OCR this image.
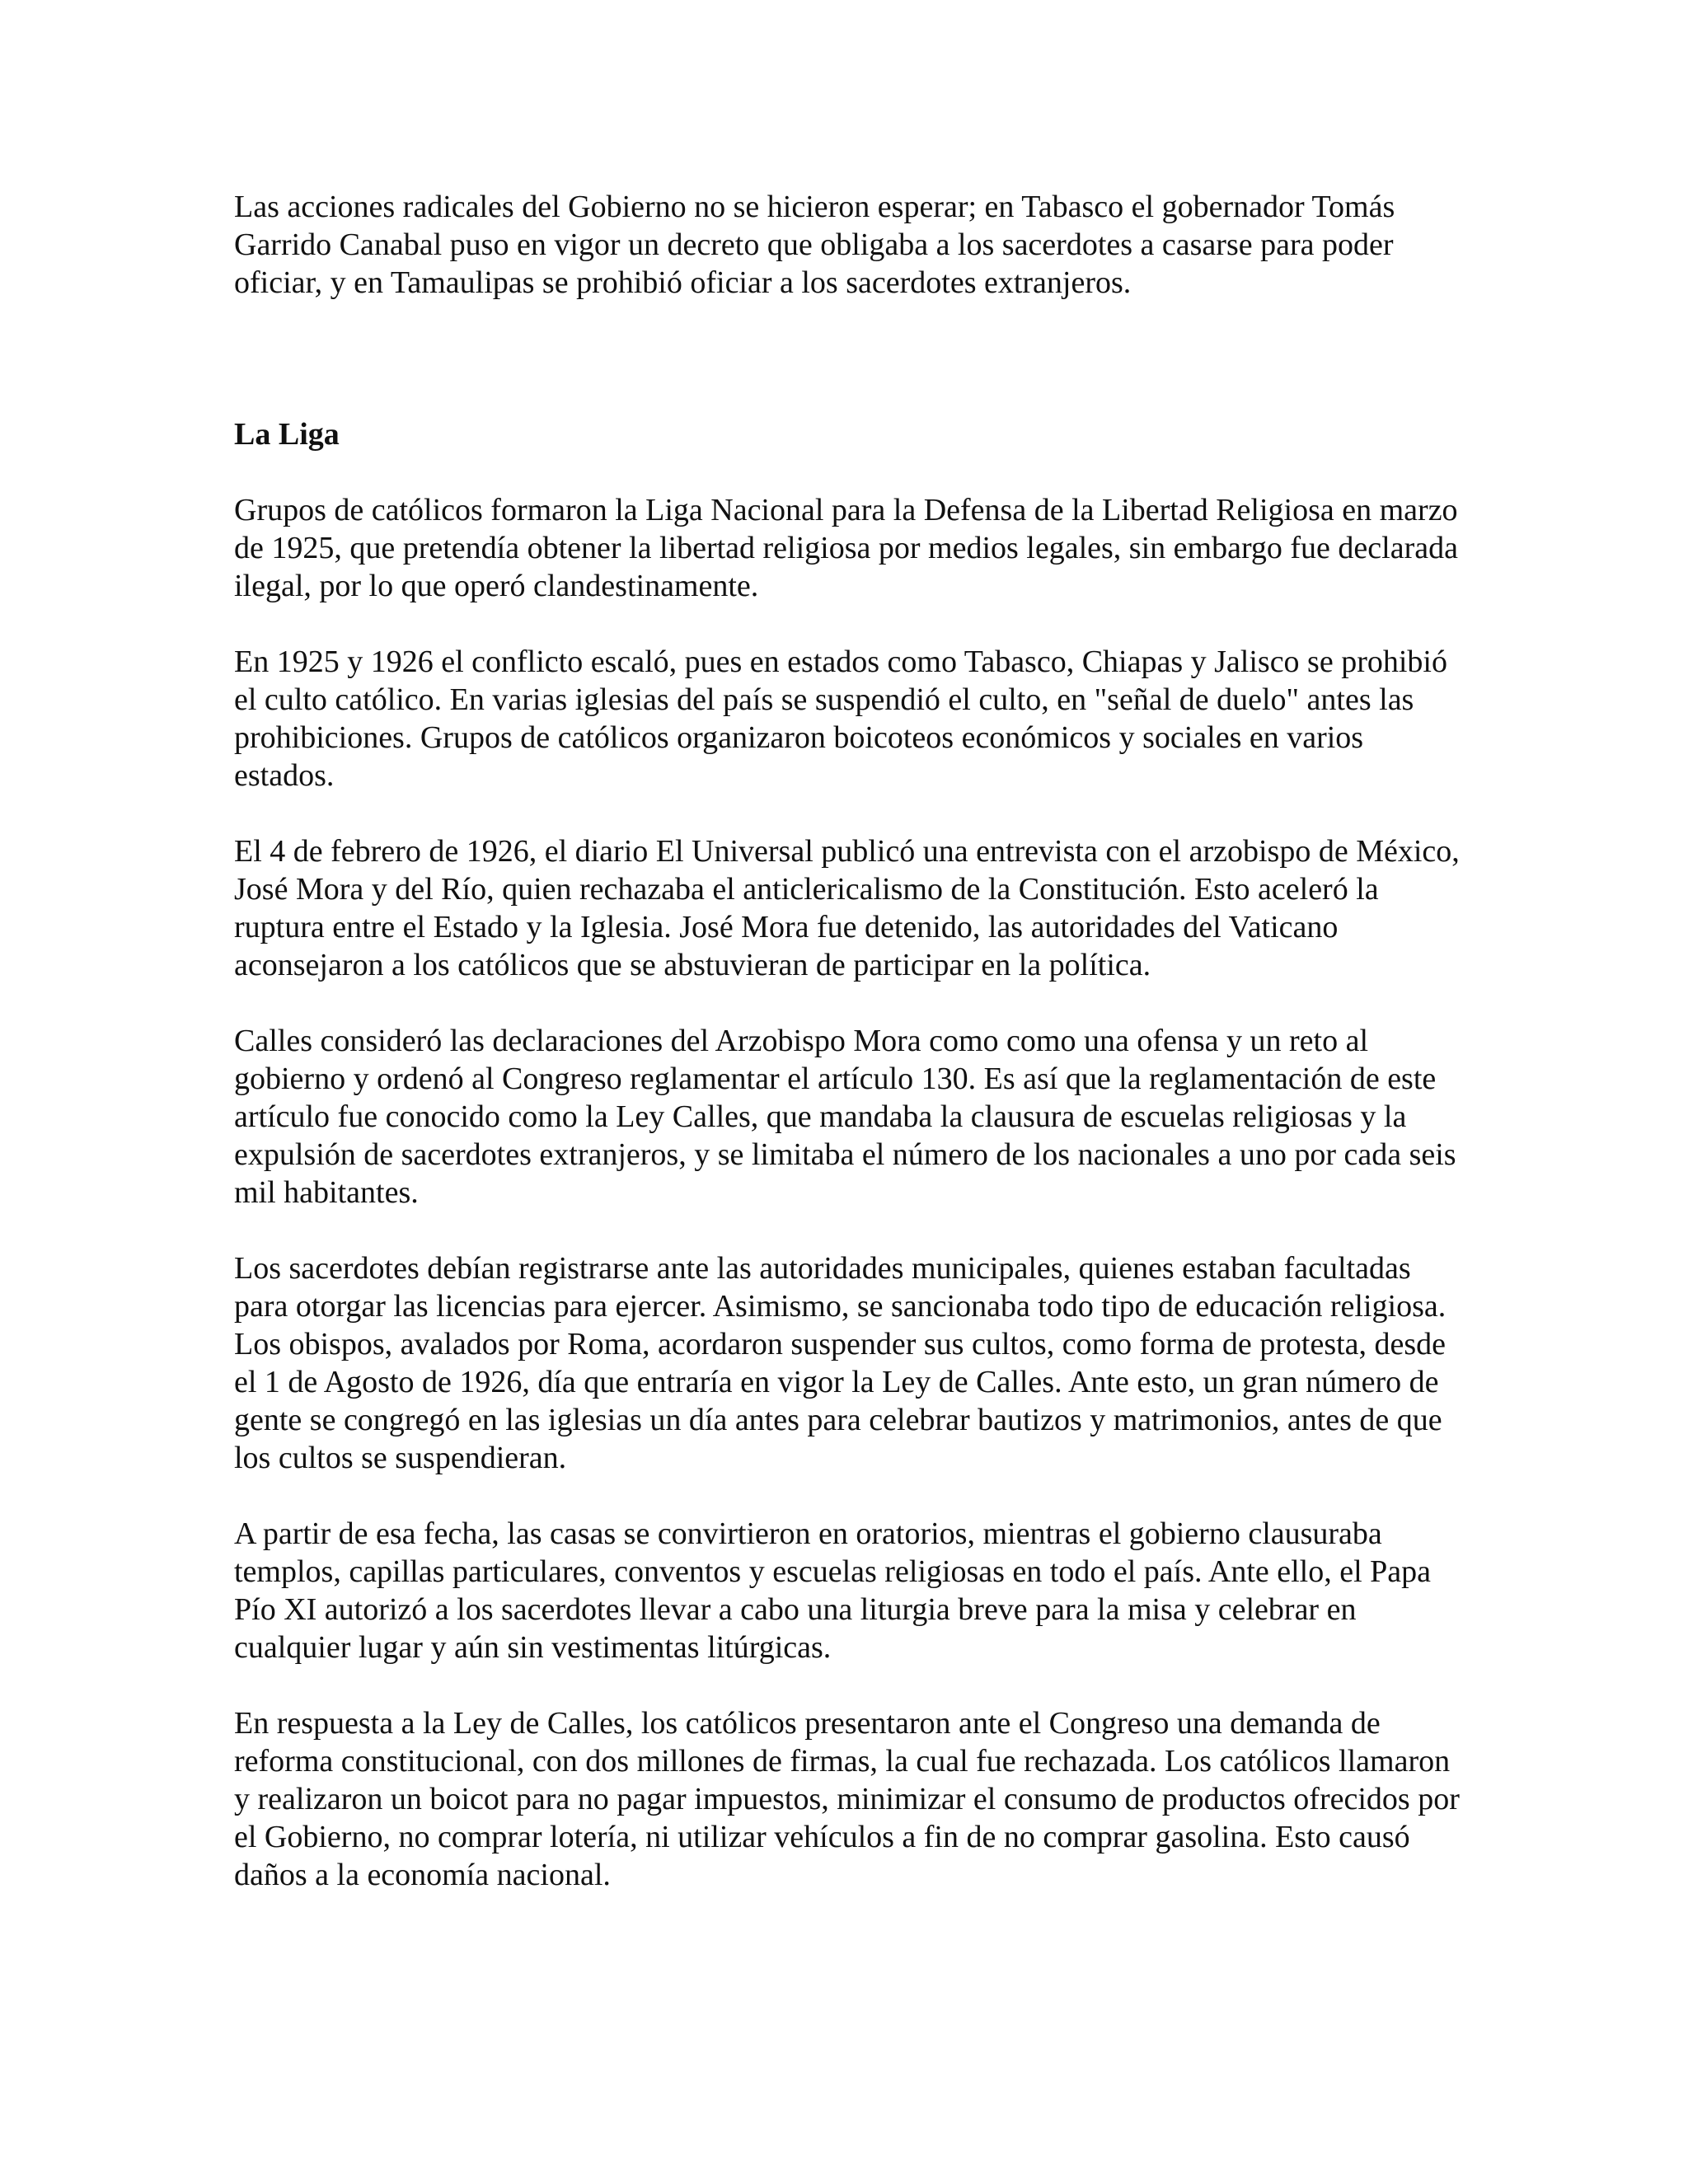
Las acciones radicales del Gobierno no se hicieron esperar; en Tabasco el gobernador Tomás Garrido Canabal puso en vigor un decreto que obligaba a los sacerdotes a casarse para poder oficiar, y en Tamaulipas se prohibió oficiar a los sacerdotes extranjeros.

La Liga

Grupos de católicos formaron la Liga Nacional para la Defensa de la Libertad Religiosa en marzo de 1925, que pretendía obtener la libertad religiosa por medios legales, sin embargo fue declarada ilegal, por lo que operó clandestinamente.

En 1925 y 1926 el conflicto escaló, pues en estados como Tabasco, Chiapas y Jalisco se prohibió el culto católico. En varias iglesias del país se suspendió el culto, en "señal de duelo" antes las prohibiciones. Grupos de católicos organizaron boicoteos económicos y sociales en varios estados.

El 4 de febrero de 1926, el diario El Universal publicó una entrevista con el arzobispo de México, José Mora y del Río, quien rechazaba el anticlericalismo de la Constitución. Esto aceleró la ruptura entre el Estado y la Iglesia. José Mora fue detenido, las autoridades del Vaticano aconsejaron a los católicos que se abstuvieran de participar en la política.

Calles consideró las declaraciones del Arzobispo Mora como como una ofensa y un reto al gobierno y ordenó al Congreso reglamentar el artículo 130. Es así que la reglamentación de este artículo fue conocido como la Ley Calles, que mandaba la clausura de escuelas religiosas y la expulsión de sacerdotes extranjeros, y se limitaba el número de los nacionales a uno por cada seis mil habitantes.

Los sacerdotes debían registrarse ante las autoridades municipales, quienes estaban facultadas para otorgar las licencias para ejercer. Asimismo, se sancionaba todo tipo de educación religiosa. Los obispos, avalados por Roma, acordaron suspender sus cultos, como forma de protesta, desde el 1 de Agosto de 1926, día que entraría en vigor la Ley de Calles. Ante esto, un gran número de gente se congregó en las iglesias un día antes para celebrar bautizos y matrimonios, antes de que los cultos se suspendieran.

A partir de esa fecha, las casas se convirtieron en oratorios, mientras el gobierno clausuraba templos, capillas particulares, conventos y escuelas religiosas en todo el país. Ante ello, el Papa Pío XI autorizó a los sacerdotes llevar a cabo una liturgia breve para la misa y celebrar en cualquier lugar y aún sin vestimentas litúrgicas.

En respuesta a la Ley de Calles, los católicos presentaron ante el Congreso una demanda de reforma constitucional, con dos millones de firmas, la cual fue rechazada. Los católicos llamaron y realizaron un boicot para no pagar impuestos, minimizar el consumo de productos ofrecidos por el Gobierno, no comprar lotería, ni utilizar vehículos a fin de no comprar gasolina. Esto causó daños a la economía nacional.
